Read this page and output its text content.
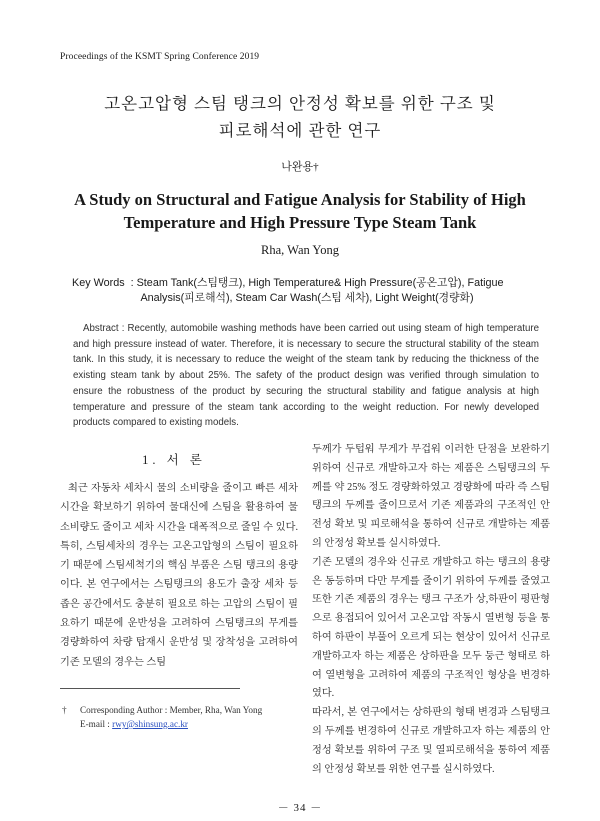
Proceedings of the KSMT Spring Conference 2019
고온고압형 스팀 탱크의 안정성 확보를 위한 구조 및
피로해석에 관한 연구
나완용†
A Study on Structural and Fatigue Analysis for Stability of High
Temperature and High Pressure Type Steam Tank
Rha, Wan Yong
Key Words : Steam Tank(스팀탱크), High Temperature& High Pressure(공온고압), Fatigue
Analysis(피로해석), Steam Car Wash(스팀 세차), Light Weight(경량화)
Abstract : Recently, automobile washing methods have been carried out using steam of high temperature and high pressure instead of water. Therefore, it is necessary to secure the structural stability of the steam tank. In this study, it is necessary to reduce the weight of the steam tank by reducing the thickness of the existing steam tank by about 25%. The safety of the product design was verified through simulation to ensure the robustness of the product by securing the structural stability and fatigue analysis at high temperature and pressure of the steam tank according to the weight reduction. For newly developed products compared to existing models.
1. 서 론
최근 자동차 세차시 물의 소비량을 줄이고 빠른 세차 시간을 확보하기 위하여 물대신에 스팀을 활용하여 물 소비량도 줄이고 세차 시간을 대폭적으로 줄일 수 있다. 특히, 스팀세차의 경우는 고온고압형의 스팀이 필요하기 때문에 스팀세척기의 핵심 부품은 스팀 탱크의 용량이다. 본 연구에서는 스팀탱크의 용도가 출장 세차 등 좁은 공간에서도 충분히 필요로 하는 고압의 스팀이 필요하기 때문에 운반성을 고려하여 스팀탱크의 무게를 경량화하여 차량 탑재시 운반성 및 장착성을 고려하여 기존 모델의 경우는 스팀

두께가 두텁워 무게가 무겁워 이러한 단점을 보완하기 위하여 신규로 개발하고자 하는 제품은 스팀탱크의 두께를 약 25% 정도 경량화하였고 경량화에 따라 즉 스팀탱크의 두께를 줄이므로서 기존 제품과의 구조적인 안전성 확보 및 피로해석을 통하여 신규로 개발하는 제품의 안정성 확보를 실시하였다.

기존 모델의 경우와 신규로 개발하고 하는 탱크의 용량은 동등하며 다만 무게를 줄이기 위하여 두께를 줄였고 또한 기존 제품의 경우는 탱크 구조가 상,하판이 평판형으로 용접되어 있어서 고온고압 작동시 열변형 등을 통하여 하판이 부풀어 오르게 되는 현상이 있어서 신규로 개발하고자 하는 제품은 상하판을 모두 둥근 형태로 하여 열변형을 고려하여 제품의 구조적인 형상을 변경하였다.

따라서, 본 연구에서는 상하판의 형태 변경과 스팀탱크의 두께를 변경하여 신규로 개발하고자 하는 제품의 안정성 확보를 위하여 구조 및 열피로해석을 통하여 제품의 안정성 확보를 위한 연구를 실시하였다.

† Corresponding Author : Member, Rha, Wan Yong
E-mail : rwy@shinsung.ac.kr
－ 34 －
